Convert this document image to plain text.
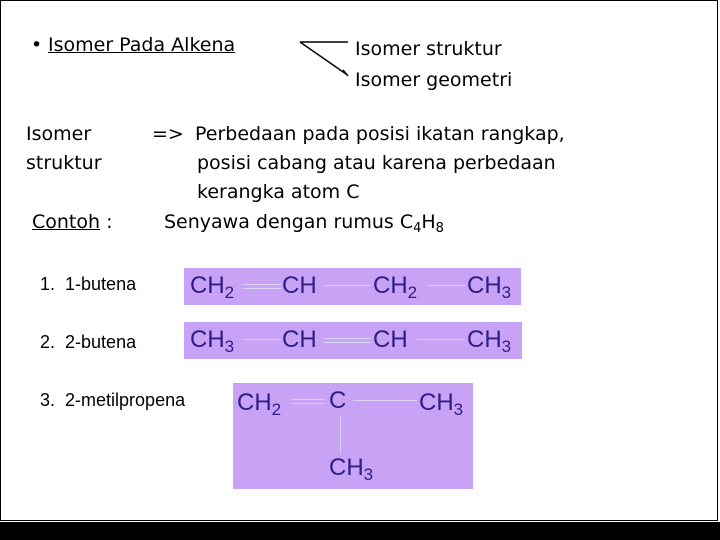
• Isomer Pada Alkena	Isomer struktur
Isomer geometri
Isomer
struktur
=> Perbedaan pada posisi ikatan rangkap,
posisi cabang atau karena perbedaan
kerangka atom C
Contoh :	Senyawa dengan rumus $C_4H_8$
1. 1-butena $CH_2$ CH $CH_2$ $CH_3$
2. 2-butena $CH_3$ CH CH $CH_3$
3. 2-metilpropena $CH_2$ C	$CH_3$
$CH_3$
